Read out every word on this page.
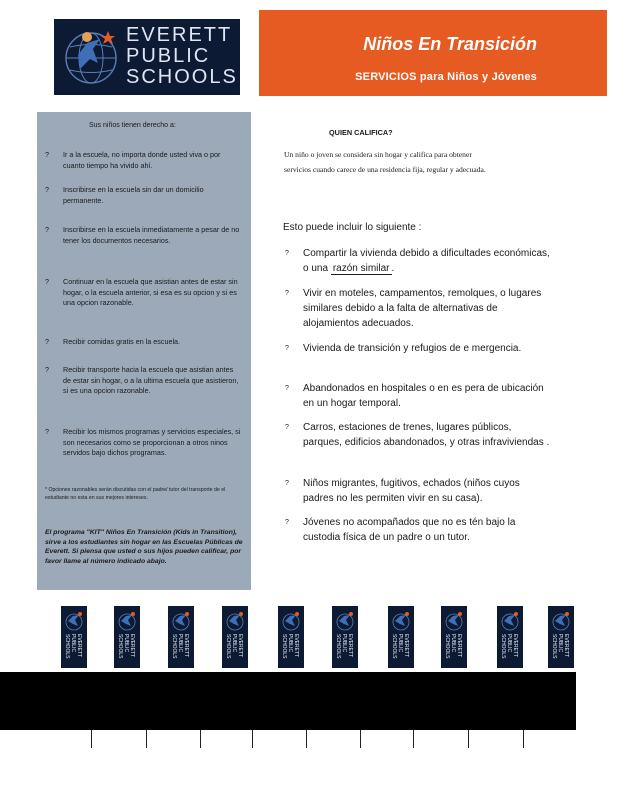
EVERETT
PUBLIC
SCHOOLS
Niños En Transición
SERVICIOS para Niños y Jóvenes
Sus niños tienen derecho a:
? Ir a la escuela, no importa donde usted viva o por cuanto tiempo ha vivido ahí.
? Inscribirse en la escuela sin dar un domicilio permanente.
? Inscribirse en la escuela inmediatamente a pesar de no tener los documentos necesarios.
? Continuar en la escuela que asistian antes de estar sin hogar, o la escuela anterior, si esa es su opcion y si es una opcion razonable.
? Recibir comidas gratis en la escuela.
? Recibir transporte hacia la escuela que asistian antes de estar sin hogar, o a la ultima escuela que asistieron, si es una opcion razonable.
? Recibir los mismos programas y servicios especiales, si son necesarios como se proporcionan a otros ninos servidos bajo dichos programas.
* Opciones razonables serán discutidas con el padre/ tutor del transporte de el estudiante no esta en sus mejores intereses.
El programa "KIT" Niños En Transición (Kids in Transition), sirve a los estudiantes sin hogar en las Escuelas Públicas de Everett. Si piensa que usted o sus hijos pueden calificar, por favor llame al número indicado abajo.
QUIEN CALIFICA?
Un niño o joven se considera sin hogar y califica para obtener servicios cuando carece de una residencia fija, regular y adecuada.
Esto puede incluir lo siguiente :
? Compartir la vivienda debido a dificultades económicas, o una razón similar .
? Vivir en moteles, campamentos, remolques, o lugares similares debido a la falta de alternativas de alojamientos adecuados.
? Vivienda de transición y refugios de e mergencia.
? Abandonados en hospitales o en es pera de ubicación en un hogar temporal.
? Carros, estaciones de trenes, lugares públicos, parques, edificios abandonados, y otras infraviviendas .
? Niños migrantes, fugitivos, echados (niños cuyos padres no les permiten vivir en su casa).
? Jóvenes no acompañados que no es tén bajo la custodia física de un padre o un tutor.
EVERETT PUBLIC SCHOOLS	EVERETT PUBLIC SCHOOLS	EVERETT PUBLIC SCHOOLS	EVERETT PUBLIC SCHOOLS	EVERETT PUBLIC SCHOOLS	EVERETT PUBLIC SCHOOLS	EVERETT PUBLIC SCHOOLS	EVERETT PUBLIC SCHOOLS	EVERETT PUBLIC SCHOOLS	EVERETT PUBLIC SCHOOLS
